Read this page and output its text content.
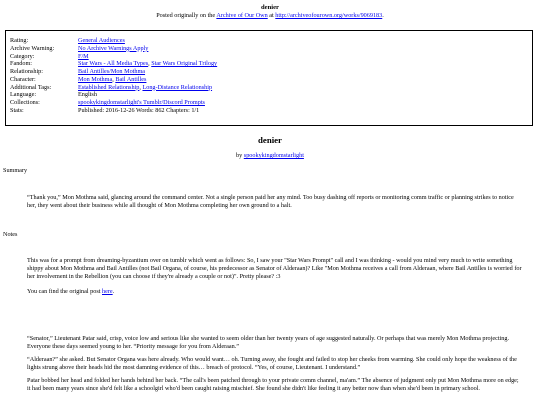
denier
Posted originally on the Archive of Our Own at http://archiveofourown.org/works/9069183.
Rating:	General Audiences
Archive Warning:	No Archive Warnings Apply
Category:	F/M
Fandom:	Star Wars - All Media Types, Star Wars Original Trilogy
Relationship:	Bail Antilles/Mon Mothma
Character:	Mon Mothma, Bail Antilles
Additional Tags:	Established Relationship, Long-Distance Relationship
Language:	English
Collections:	spookykingdomstarlight's Tumblr/Discord Prompts
Stats:	Published: 2016-12-26 Words: 862 Chapters: 1/1
denier
by spookykingdomstarlight
Summary
“Thank you,” Mon Mothma said, glancing around the command center. Not a single person paid her any mind. Too busy dashing off reports or monitoring comm traffic or planning strikes to notice her, they went about their business while all thought of Mon Mothma completing her own ground to a halt.
Notes
This was for a prompt from dreaming-byzantium over on tumblr which went as follows: So, I saw your "Star Wars Prompt" call and I was thinking - would you mind very much to write something shippy about Mon Mothma and Bail Antilles (not Bail Organa, of course, his predecessor as Senator of Alderaan)? Like "Mon Mothma receives a call from Alderaan, where Bail Antilles is worried for her involvement in the Rebellion (you can choose if they're already a couple or not)". Pretty please? :3
You can find the original post here.
“Senator,” Lieutenant Patar said, crisp, voice low and serious like she wanted to seem older than her twenty years of age suggested naturally. Or perhaps that was merely Mon Mothma projecting. Everyone these days seemed young to her. “Priority message for you from Alderaan.”
“Alderaan?” she asked. But Senator Organa was here already. Who would want… oh. Turning away, she fought and failed to stop her cheeks from warming. She could only hope the weakness of the lights strung above their heads hid the most damning evidence of this… breach of protocol. “Yes, of course, Lieutenant. I understand.”
Patar bobbed her head and folded her hands behind her back. “The call's been patched through to your private comm channel, ma'am.” The absence of judgment only put Mon Mothma more on edge; it had been many years since she'd felt like a schoolgirl who'd been caught raising mischief. She found she didn't like feeling it any better now than when she'd been in primary school.
